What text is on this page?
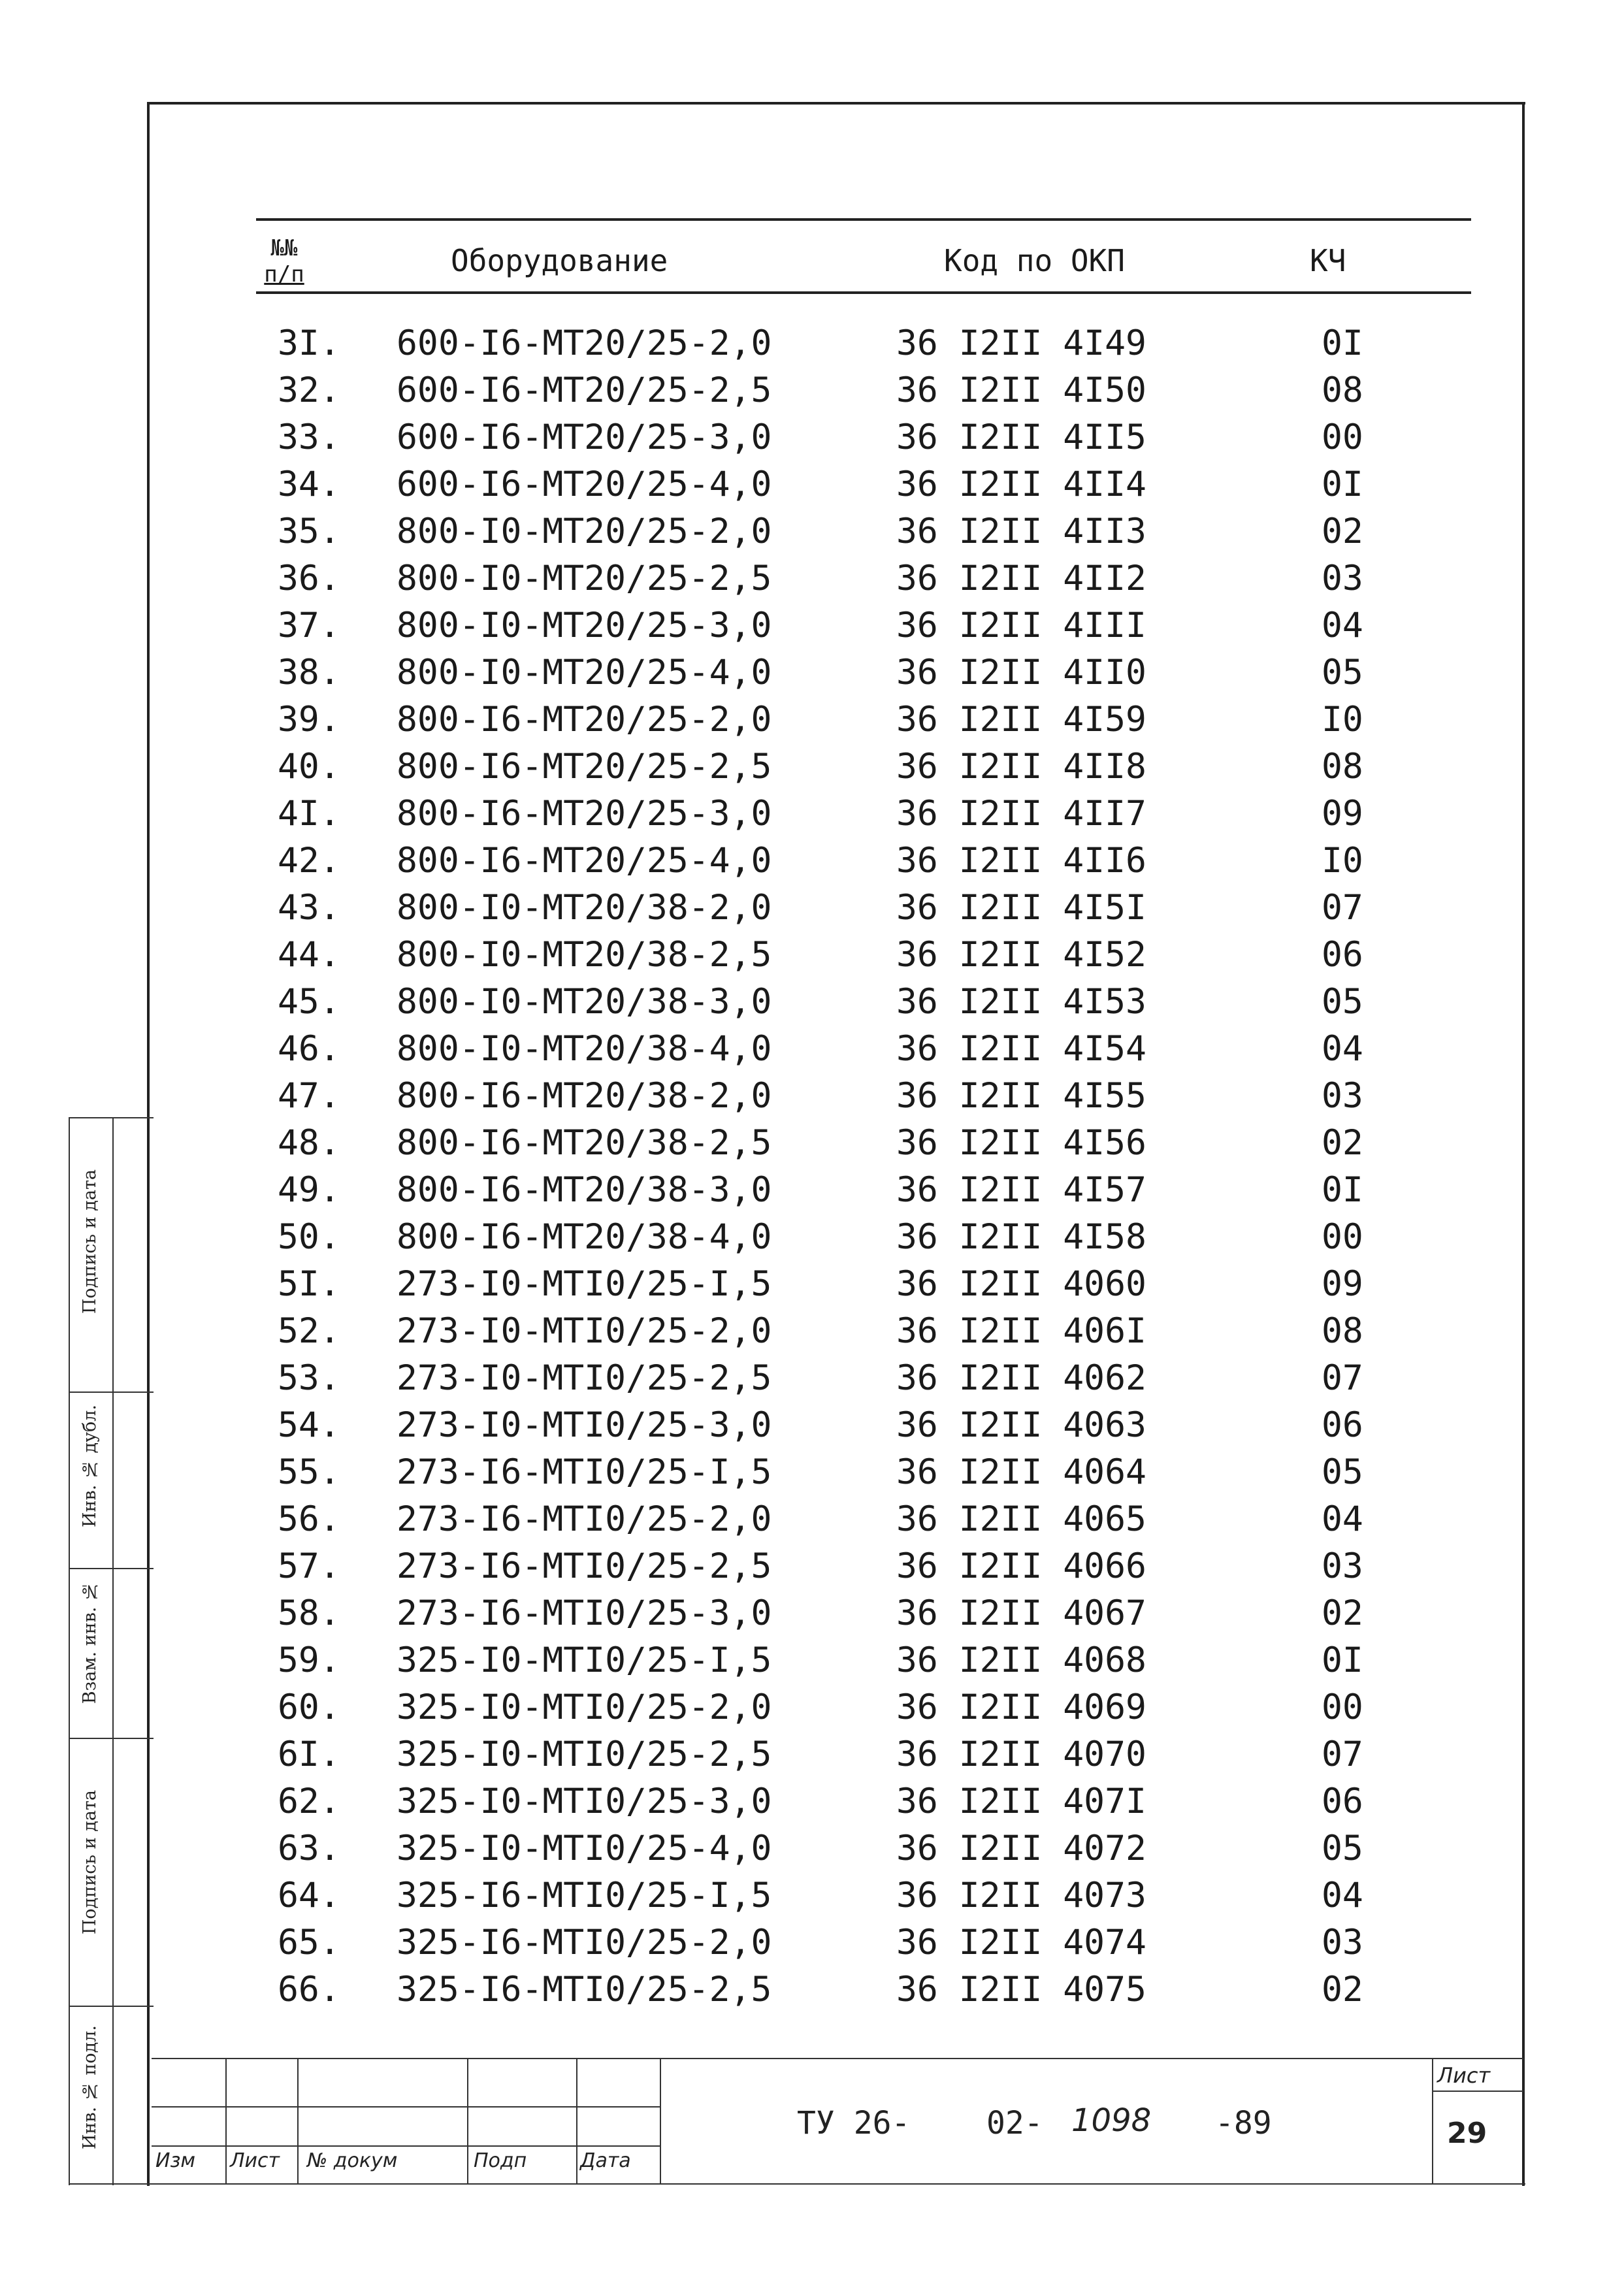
№№
п/п	Оборудование	Код по ОКП	КЧ
3I. 600-I6-МТ20/25-2,0	36 I2II 4I49	0I
32. 600-I6-МТ20/25-2,5	36 I2II 4I50	08
33. 600-I6-МТ20/25-3,0	36 I2II 4II5	00
34. 600-I6-МТ20/25-4,0	36 I2II 4II4	0I
35. 800-I0-МТ20/25-2,0	36 I2II 4II3	02
36. 800-I0-МТ20/25-2,5	36 I2II 4II2	03
37. 800-I0-МТ20/25-3,0	36 I2II 4III	04
38. 800-I0-МТ20/25-4,0	36 I2II 4II0	05
39. 800-I6-МТ20/25-2,0	36 I2II 4I59	I0
40. 800-I6-МТ20/25-2,5	36 I2II 4II8	08
4I. 800-I6-МТ20/25-3,0	36 I2II 4II7	09
42. 800-I6-МТ20/25-4,0	36 I2II 4II6	I0
43. 800-I0-МТ20/38-2,0	36 I2II 4I5I	07
44. 800-I0-МТ20/38-2,5	36 I2II 4I52	06
45. 800-I0-МТ20/38-3,0	36 I2II 4I53	05
46. 800-I0-МТ20/38-4,0	36 I2II 4I54	04
47. 800-I6-МТ20/38-2,0	36 I2II 4I55	03
48. 800-I6-МТ20/38-2,5	36 I2II 4I56	02
49. 800-I6-МТ20/38-3,0	36 I2II 4I57	0I
50. 800-I6-МТ20/38-4,0	36 I2II 4I58	00
5I. 273-I0-МТI0/25-I,5	36 I2II 4060	09
52. 273-I0-МТI0/25-2,0	36 I2II 406I	08
53. 273-I0-МТI0/25-2,5	36 I2II 4062	07
54. 273-I0-МТI0/25-3,0	36 I2II 4063	06
55. 273-I6-МТI0/25-I,5	36 I2II 4064	05
56. 273-I6-МТI0/25-2,0	36 I2II 4065	04
57. 273-I6-МТI0/25-2,5	36 I2II 4066	03
58. 273-I6-МТI0/25-3,0	36 I2II 4067	02
59. 325-I0-МТI0/25-I,5	36 I2II 4068	0I
60. 325-I0-МТI0/25-2,0	36 I2II 4069	00
6I. 325-I0-МТI0/25-2,5	36 I2II 4070	07
62. 325-I0-МТI0/25-3,0	36 I2II 407I	06
63. 325-I0-МТI0/25-4,0	36 I2II 4072	05
64. 325-I6-МТI0/25-I,5	36 I2II 4073	04
65. 325-I6-МТI0/25-2,0	36 I2II 4074	03
66. 325-I6-МТI0/25-2,5	36 I2II 4075	02
Подпись и дата
Инв. № дубл.
Взам. инв. №
Подпись и дата
Инв. № подл.
Изм Лист № докум	Подп	Дата
ТУ 26- 02- 1098 -89
Лист
29
